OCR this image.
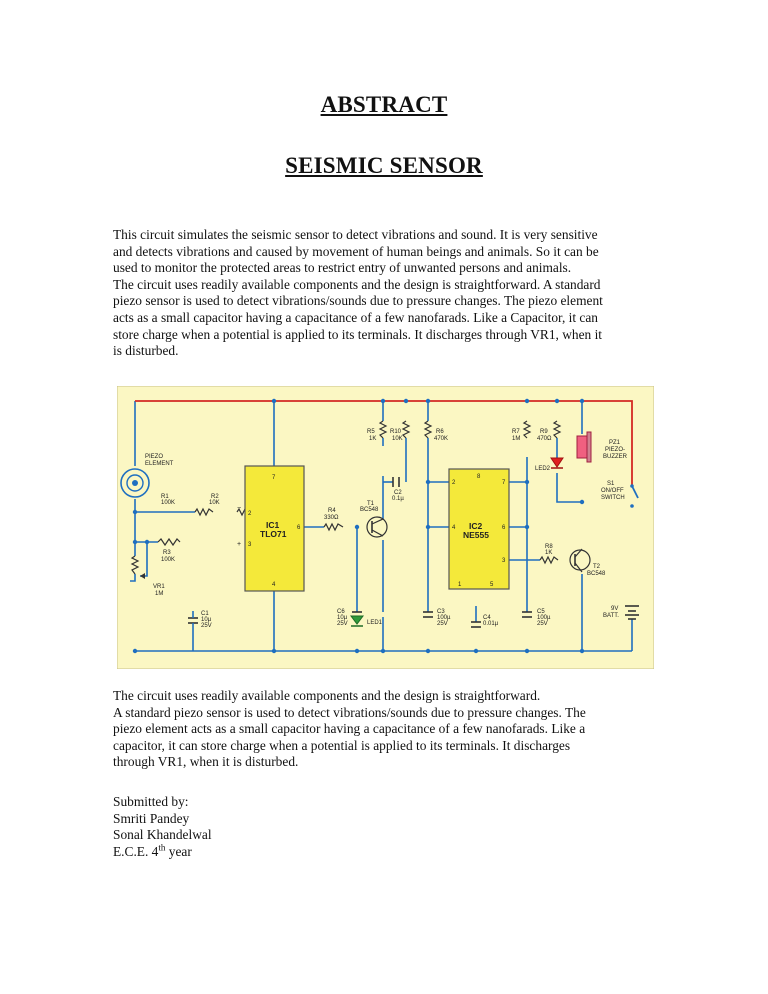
ABSTRACT
SEISMIC SENSOR
This circuit simulates the seismic sensor to detect vibrations and sound. It is very sensitive
and detects vibrations and caused by movement of human beings and animals. So it can be
used to monitor the protected areas to restrict entry of unwanted persons and animals.
The circuit uses readily available components and the design is straightforward. A standard
piezo sensor is used to detect vibrations/sounds due to pressure changes. The piezo element
acts as a small capacitor having a capacitance of a few nanofarads. Like a Capacitor, it can
store charge when a potential is applied to its terminals. It discharges through VR1, when it
is disturbed.
PIEZO
ELEMENT
IC1
TLO71
7
2
3
6
4
IC2
NE555
8
2	7
4	6
3
1	5
−
+
R1
100K
R2
10K
R3
100K
VR1
1M
C1
10µ
25V
R4
330Ω
T1
BC548
R5
1K
R10
10K
R6
470K
C2
0.1µ
C6
10µ
25V	LED1
C3
100µ
25V
C4
0.01µ
C5
100µ
25V
R7
1M
R9
470Ω
LED2
R8
1K
T2
BC548
PZ1
PIEZO-
BUZZER
S1
ON/OFF
SWITCH
9V
BATT.
The circuit uses readily available components and the design is straightforward.
A standard piezo sensor is used to detect vibrations/sounds due to pressure changes. The
piezo element acts as a small capacitor having a capacitance of a few nanofarads. Like a
capacitor, it can store charge when a potential is applied to its terminals. It discharges
through VR1, when it is disturbed.
Submitted by:
Smriti Pandey
Sonal Khandelwal
E.C.E. 4th year
